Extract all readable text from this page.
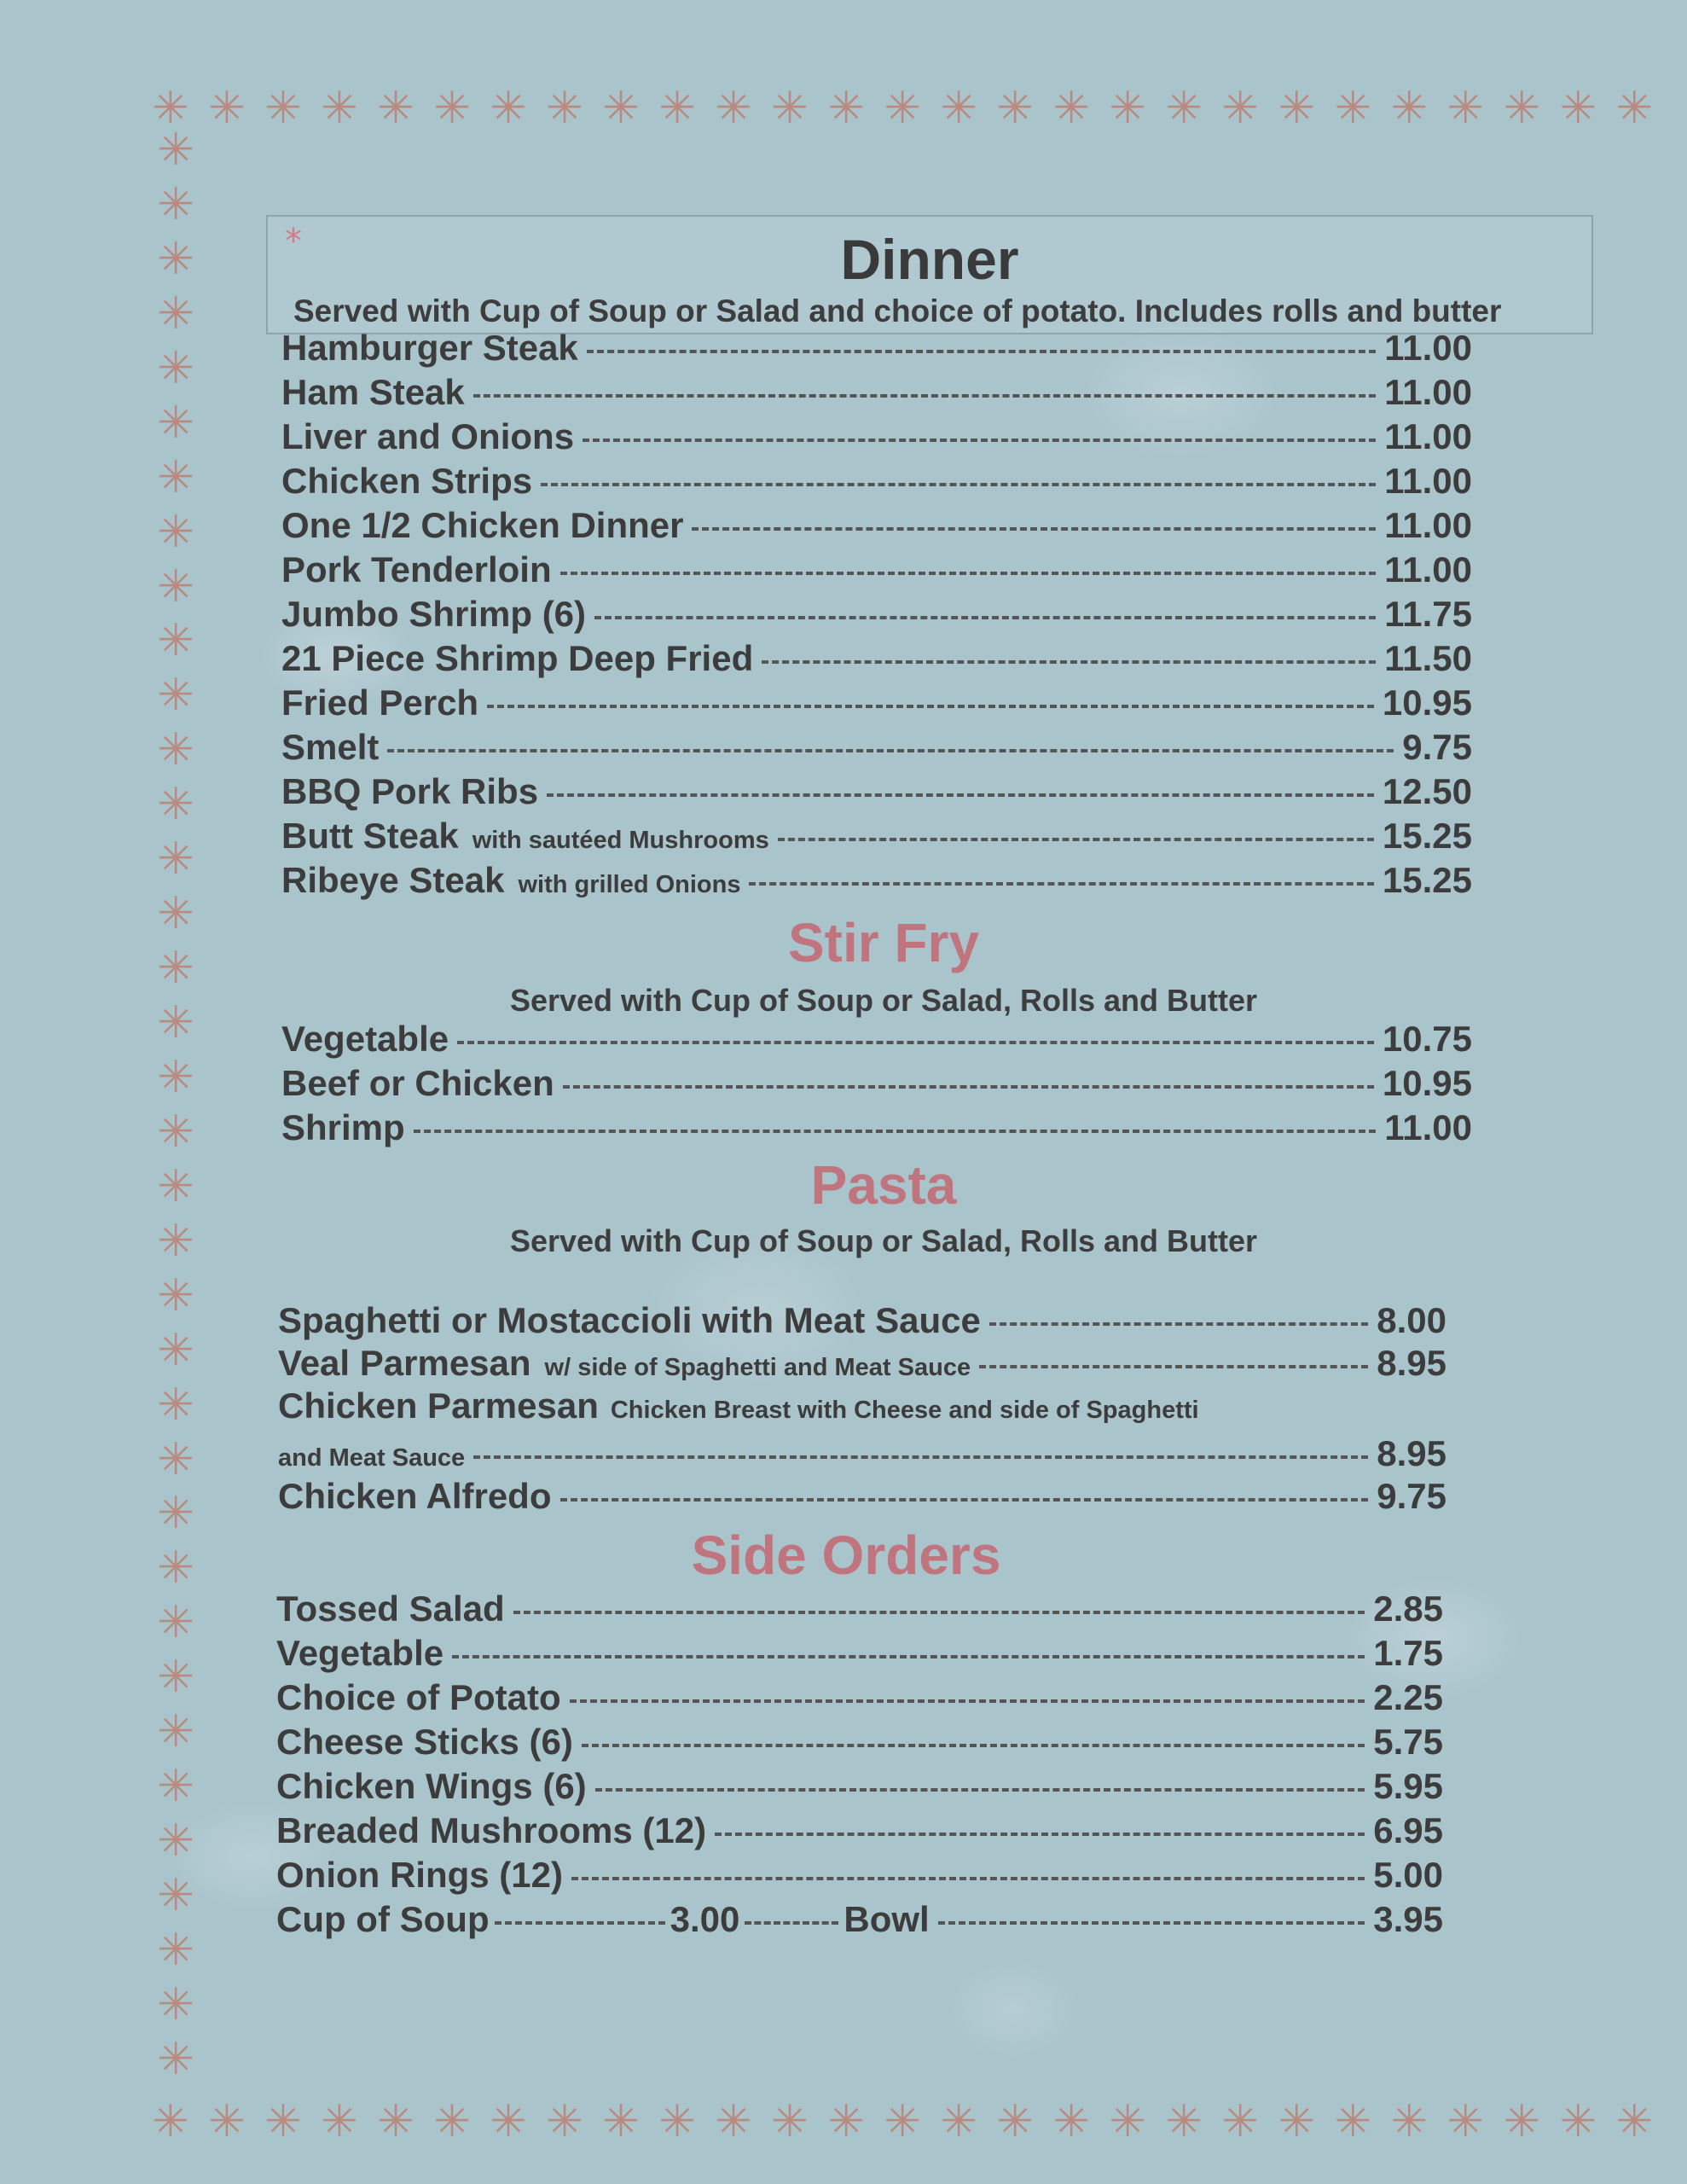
✳ ✳ ✳ ✳ ✳ ✳ ✳ ✳ ✳ ✳ ✳ ✳ ✳ ✳ ✳ ✳ ✳ ✳ ✳ ✳ ✳ ✳ ✳ ✳ ✳ ✳ ✳
✳ ✳ ✳ ✳ ✳ ✳ ✳ ✳ ✳ ✳ ✳ ✳ ✳ ✳ ✳ ✳ ✳ ✳ ✳ ✳ ✳ ✳ ✳ ✳ ✳ ✳ ✳
✳
✳
✳
✳
✳
✳
✳
✳
✳
✳
✳
✳
✳
✳
✳
✳
✳
✳
✳
✳
✳
✳
✳
✳
✳
✳
✳
✳
✳
✳
✳
✳
✳
✳
✳
✳
*	Dinner
Served with Cup of Soup or Salad and choice of potato. Includes rolls and butter
Hamburger Steak	11.00
Ham Steak	11.00
Liver and Onions	11.00
Chicken Strips	11.00
One 1/2 Chicken Dinner	11.00
Pork Tenderloin	11.00
Jumbo Shrimp (6)	11.75
21 Piece Shrimp Deep Fried	11.50
Fried Perch	10.95
Smelt	9.75
BBQ Pork Ribs	12.50
Butt Steak with sautéed Mushrooms	15.25
Ribeye Steak with grilled Onions	15.25
Stir Fry
Served with Cup of Soup or Salad, Rolls and Butter
Vegetable	10.75
Beef or Chicken	10.95
Shrimp	11.00
Pasta
Served with Cup of Soup or Salad, Rolls and Butter
Spaghetti or Mostaccioli with Meat Sauce	8.00
Veal Parmesan w/ side of Spaghetti and Meat Sauce	8.95
Chicken Parmesan Chicken Breast with Cheese and side of Spaghetti
and Meat Sauce	8.95
Chicken Alfredo	9.75
Side Orders
Tossed Salad	2.85
Vegetable	1.75
Choice of Potato	2.25
Cheese Sticks (6)	5.75
Chicken Wings (6)	5.95
Breaded Mushrooms (12)	6.95
Onion Rings (12)	5.00
Cup of Soup	3.00	Bowl	3.95
